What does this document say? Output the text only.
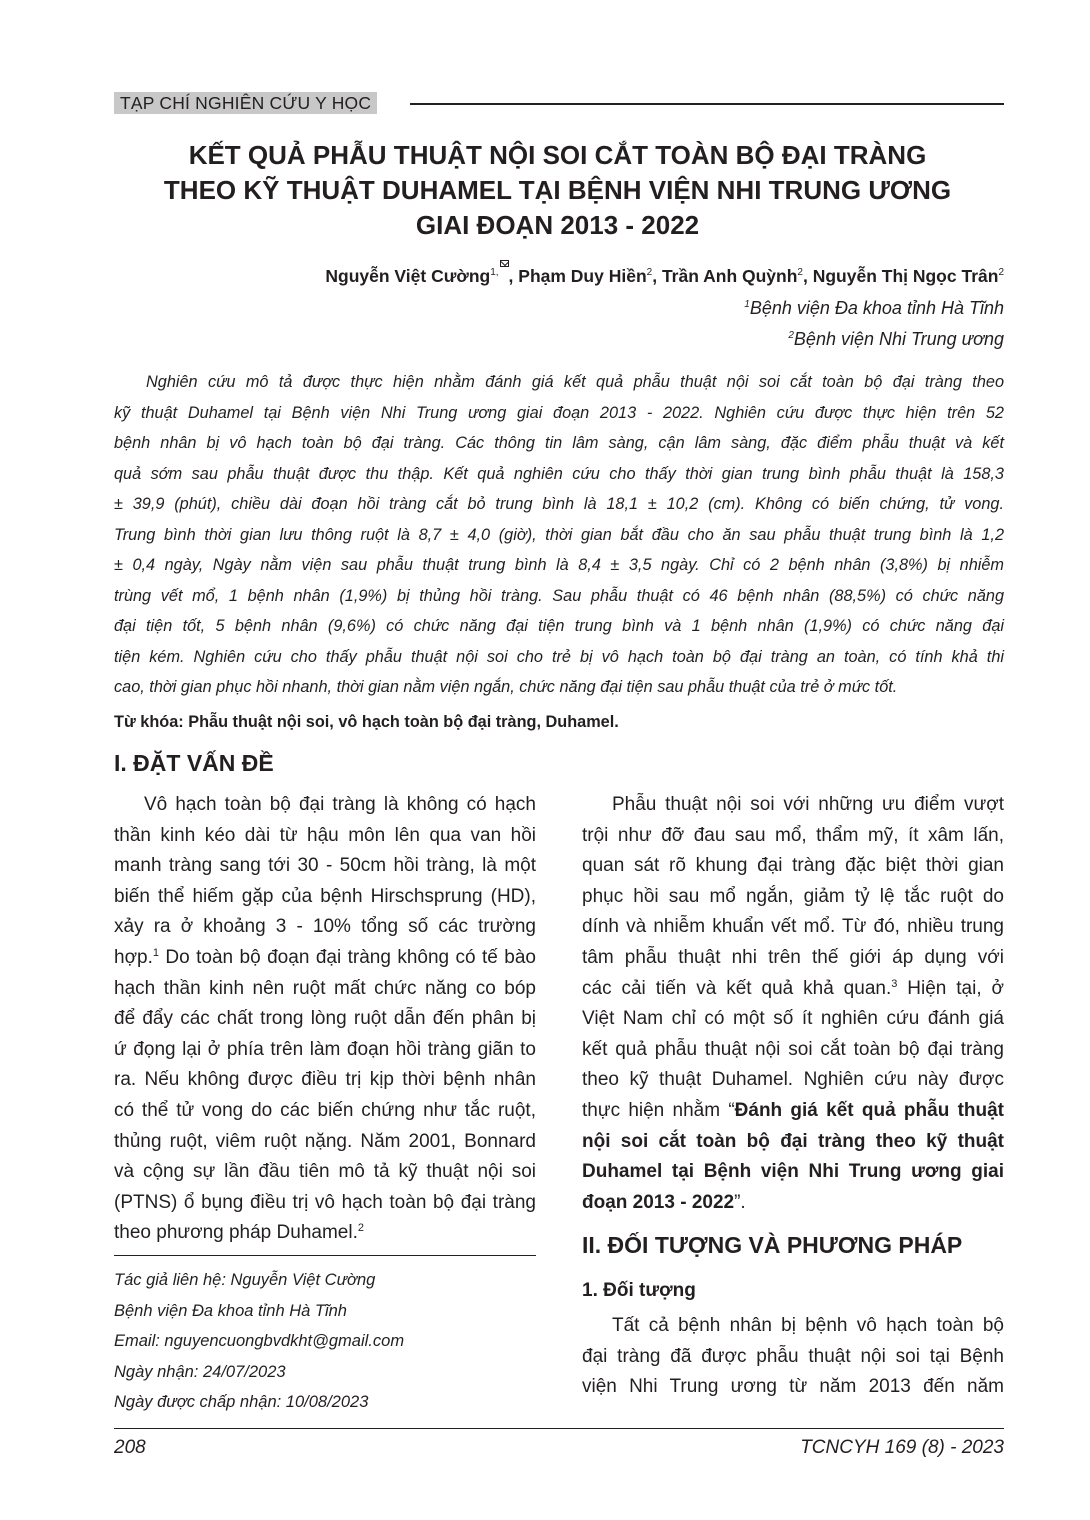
TẠP CHÍ NGHIÊN CỨU Y HỌC
KẾT QUẢ PHẪU THUẬT NỘI SOI CẮT TOÀN BỘ ĐẠI TRÀNG
THEO KỸ THUẬT DUHAMEL TẠI BỆNH VIỆN NHI TRUNG ƯƠNG
GIAI ĐOẠN 2013 - 2022
Nguyễn Việt Cường$^{1,}$ , Phạm Duy Hiền$^2$, Trần Anh Quỳnh$^2$, Nguyễn Thị Ngọc Trân$^2$
$^1$Bệnh viện Đa khoa tỉnh Hà Tĩnh
$^2$Bệnh viện Nhi Trung ương
Nghiên cứu mô tả được thực hiện nhằm đánh giá kết quả phẫu thuật nội soi cắt toàn bộ đại tràng theo
kỹ thuật Duhamel tại Bệnh viện Nhi Trung ương giai đoạn 2013 - 2022. Nghiên cứu được thực hiện trên 52
bệnh nhân bị vô hạch toàn bộ đại tràng. Các thông tin lâm sàng, cận lâm sàng, đặc điểm phẫu thuật và kết
quả sớm sau phẫu thuật được thu thập. Kết quả nghiên cứu cho thấy thời gian trung bình phẫu thuật là 158,3
± 39,9 (phút), chiều dài đoạn hồi tràng cắt bỏ trung bình là 18,1 ± 10,2 (cm). Không có biến chứng, tử vong.
Trung bình thời gian lưu thông ruột là 8,7 ± 4,0 (giờ), thời gian bắt đầu cho ăn sau phẫu thuật trung bình là 1,2
± 0,4 ngày, Ngày nằm viện sau phẫu thuật trung bình là 8,4 ± 3,5 ngày. Chỉ có 2 bệnh nhân (3,8%) bị nhiễm
trùng vết mổ, 1 bệnh nhân (1,9%) bị thủng hồi tràng. Sau phẫu thuật có 46 bệnh nhân (88,5%) có chức năng
đại tiện tốt, 5 bệnh nhân (9,6%) có chức năng đại tiện trung bình và 1 bệnh nhân (1,9%) có chức năng đại
tiện kém. Nghiên cứu cho thấy phẫu thuật nội soi cho trẻ bị vô hạch toàn bộ đại tràng an toàn, có tính khả thi
cao, thời gian phục hồi nhanh, thời gian nằm viện ngắn, chức năng đại tiện sau phẫu thuật của trẻ ở mức tốt.
Từ khóa: Phẫu thuật nội soi, vô hạch toàn bộ đại tràng, Duhamel.
I. ĐẶT VẤN ĐỀ
Vô hạch toàn bộ đại tràng là không có hạch
thần kinh kéo dài từ hậu môn lên qua van hồi
manh tràng sang tới 30 - 50cm hồi tràng, là một
biến thể hiếm gặp của bệnh Hirschsprung (HD),
xảy ra ở khoảng 3 - 10% tổng số các trường
hợp.$^1$ Do toàn bộ đoạn đại tràng không có tế bào
hạch thần kinh nên ruột mất chức năng co bóp
để đẩy các chất trong lòng ruột dẫn đến phân bị
ứ đọng lại ở phía trên làm đoạn hồi tràng giãn to
ra. Nếu không được điều trị kịp thời bệnh nhân
có thể tử vong do các biến chứng như tắc ruột,
thủng ruột, viêm ruột nặng. Năm 2001, Bonnard
và cộng sự lần đầu tiên mô tả kỹ thuật nội soi
(PTNS) ổ bụng điều trị vô hạch toàn bộ đại tràng
theo phương pháp Duhamel.$^2$
Phẫu thuật nội soi với những ưu điểm vượt
trội như đỡ đau sau mổ, thẩm mỹ, ít xâm lấn,
quan sát rõ khung đại tràng đặc biệt thời gian
phục hồi sau mổ ngắn, giảm tỷ lệ tắc ruột do
dính và nhiễm khuẩn vết mổ. Từ đó, nhiều trung
tâm phẫu thuật nhi trên thế giới áp dụng với
các cải tiến và kết quả khả quan.$^3$ Hiện tại, ở
Việt Nam chỉ có một số ít nghiên cứu đánh giá
kết quả phẫu thuật nội soi cắt toàn bộ đại tràng
theo kỹ thuật Duhamel. Nghiên cứu này được
thực hiện nhằm “Đánh giá kết quả phẫu thuật
nội soi cắt toàn bộ đại tràng theo kỹ thuật
Duhamel tại Bệnh viện Nhi Trung ương giai
đoạn 2013 - 2022”.
II. ĐỐI TƯỢNG VÀ PHƯƠNG PHÁP
1. Đối tượng
Tất cả bệnh nhân bị bệnh vô hạch toàn bộ
đại tràng đã được phẫu thuật nội soi tại Bệnh
viện Nhi Trung ương từ năm 2013 đến năm
Tác giả liên hệ: Nguyễn Việt Cường
Bệnh viện Đa khoa tỉnh Hà Tĩnh
Email: nguyencuongbvdkht@gmail.com
Ngày nhận: 24/07/2023
Ngày được chấp nhận: 10/08/2023
208	TCNCYH 169 (8) - 2023
